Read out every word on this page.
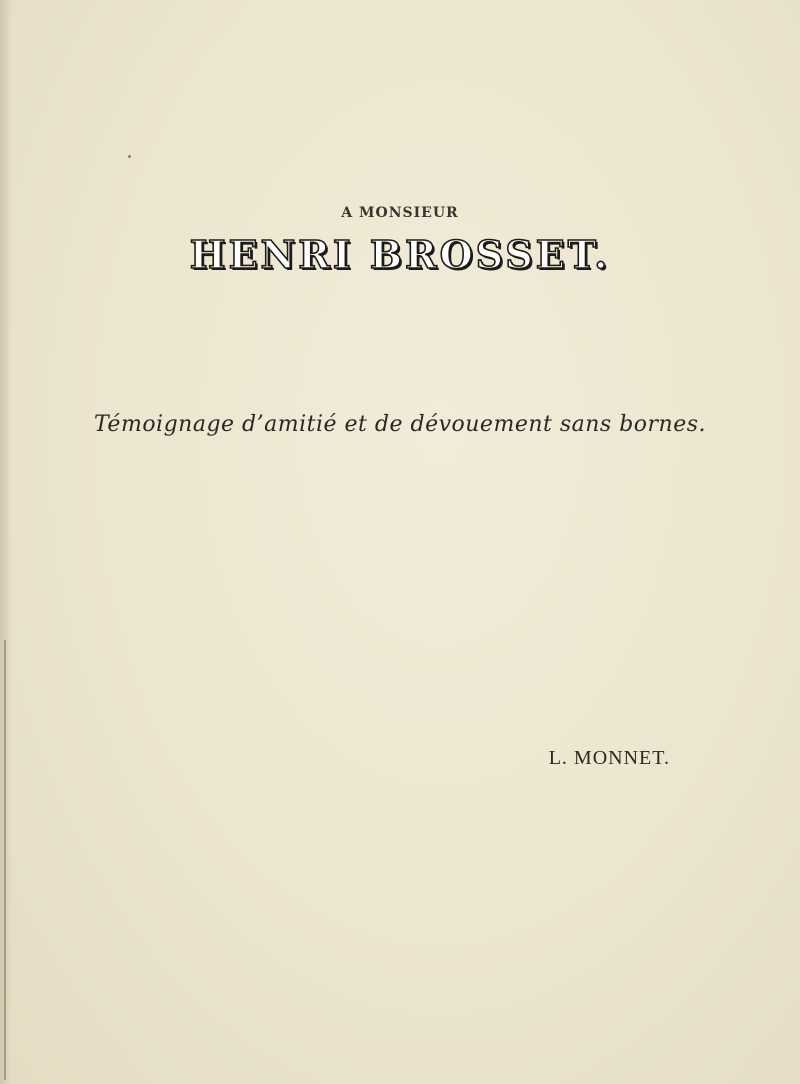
A MONSIEUR
HENRI BROSSET.
Témoignage d’amitié et de dévouement sans bornes.
L. MONNET.
